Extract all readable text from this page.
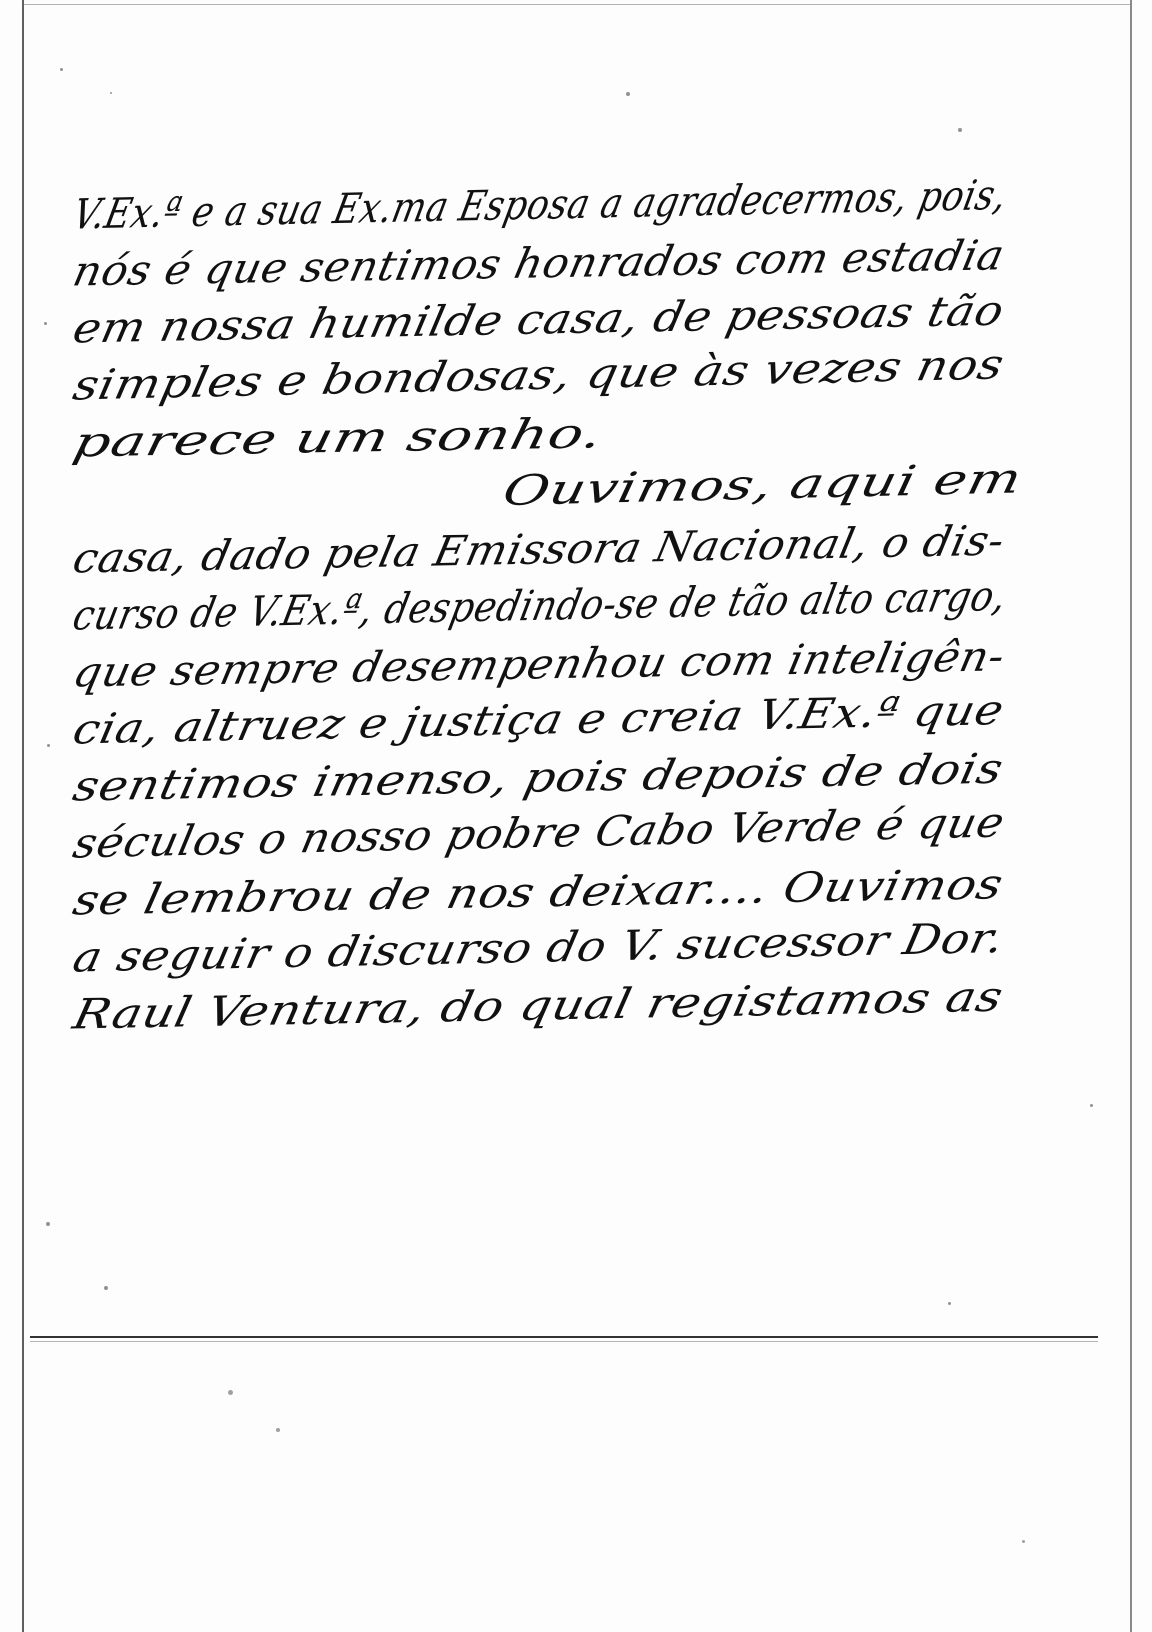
V.Ex.ª e a sua Ex.ma Esposa a agradecermos, pois,
nós é que sentimos honrados com estadia
em nossa humilde casa, de pessoas tão
simples e bondosas, que às vezes nos
parece um sonho.
Ouvimos, aqui em
casa, dado pela Emissora Nacional, o dis-
curso de V.Ex.ª, despedindo-se de tão alto cargo,
que sempre desempenhou com inteligên-
cia, altruez e justiça e creia V.Ex.ª que
sentimos imenso, pois depois de dois
séculos o nosso pobre Cabo Verde é que
se lembrou de nos deixar.... Ouvimos
a seguir o discurso do V. sucessor Dor.
Raul Ventura, do qual registamos as
